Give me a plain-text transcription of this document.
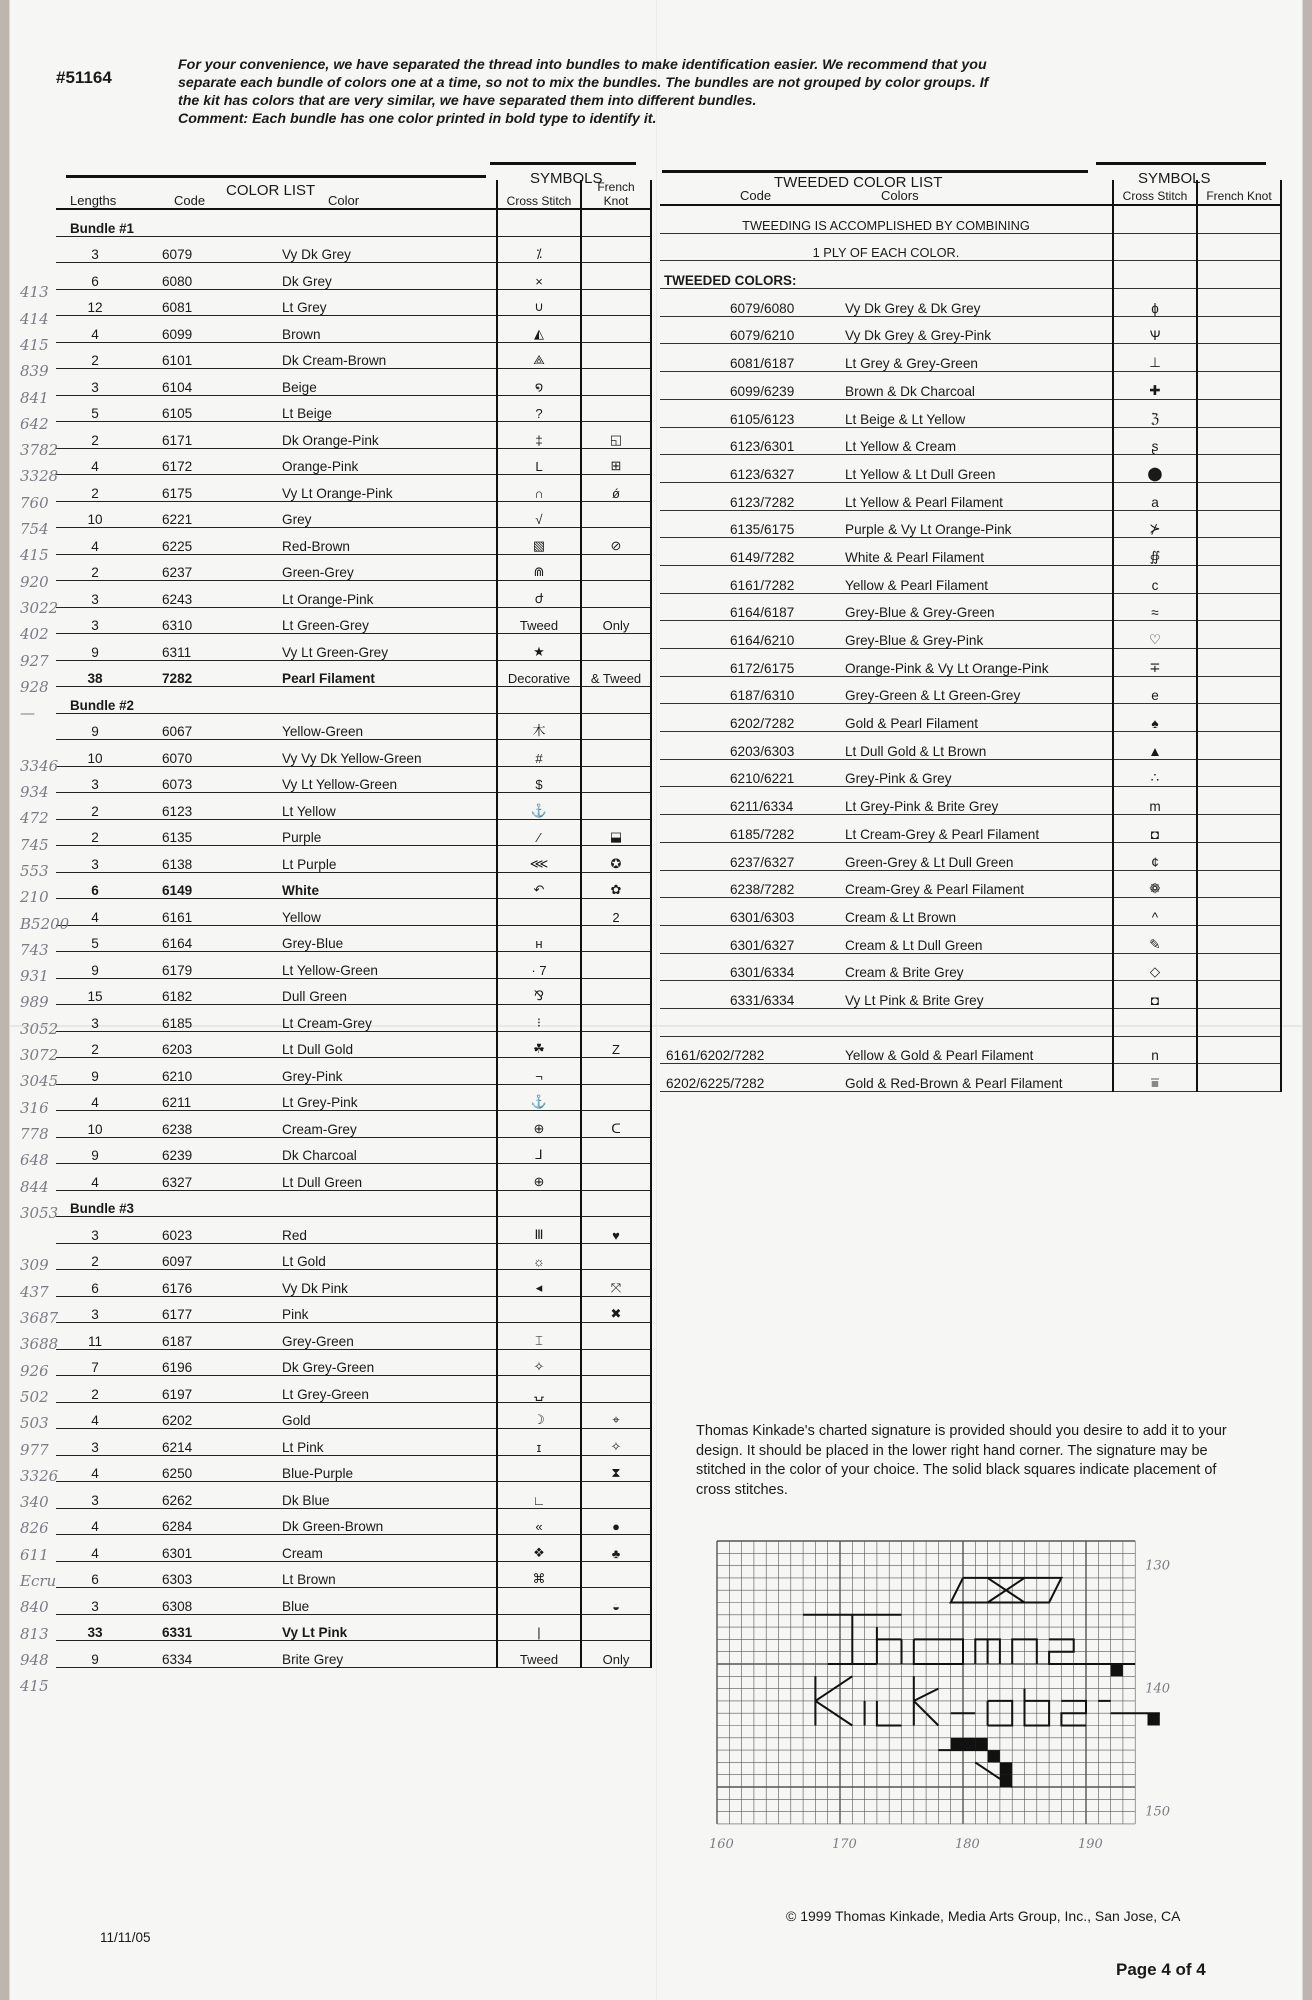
#51164
For your convenience, we have separated the thread into bundles to make identification easier. We recommend that you
separate each bundle of colors one at a time, so not to mix the bundles. The bundles are not grouped by color groups. If
the kit has colors that are very similar, we have separated them into different bundles.
Comment: Each bundle has one color printed in bold type to identify it.
COLOR LIST
SYMBOLS
Lengths	Code	Color	Cross Stitch	French Knot
Bundle #1				
3	6079	Vy Dk Grey	⁒	
6	6080	Dk Grey	×	
12	6081	Lt Grey	∪	
4	6099	Brown	◭	
2	6101	Dk Cream-Brown	⟁	
3	6104	Beige	໑	
5	6105	Lt Beige	?	
2	6171	Dk Orange-Pink	‡	◱
4	6172	Orange-Pink	L	⊞
2	6175	Vy Lt Orange-Pink	∩	ǿ
10	6221	Grey	√	
4	6225	Red-Brown	▧	⊘
2	6237	Green-Grey	⋒	
3	6243	Lt Orange-Pink	ժ	
3	6310	Lt Green-Grey	Tweed	Only
9	6311	Vy Lt Green-Grey	★	
38	7282	Pearl Filament	Decorative	& Tweed
Bundle #2				
9	6067	Yellow-Green	⽊	
10	6070	Vy Vy Dk Yellow-Green	#	
3	6073	Vy Lt Yellow-Green	$	
2	6123	Lt Yellow	⚓	
2	6135	Purple	⁄	⬓
3	6138	Lt Purple	⋘	✪
6	6149	White	↶	✿
4	6161	Yellow		2
5	6164	Grey-Blue	ʜ	
9	6179	Lt Yellow-Green	· 7	
15	6182	Dull Green	⅋	
3	6185	Lt Cream-Grey	⁝	
2	6203	Lt Dull Gold	☘	Z
9	6210	Grey-Pink	¬	
4	6211	Lt Grey-Pink	⚓	
10	6238	Cream-Grey	⊕	ᑕ
9	6239	Dk Charcoal	⅃	
4	6327	Lt Dull Green	⊕	
Bundle #3				
3	6023	Red	Ⅲ	♥
2	6097	Lt Gold	☼	
6	6176	Vy Dk Pink	◂	⤧
3	6177	Pink		✖
11	6187	Grey-Green	⌶	
7	6196	Dk Grey-Green	✧	
2	6197	Lt Grey-Green	⍽	
4	6202	Gold	☽	⌖
3	6214	Lt Pink	ɪ	✧
4	6250	Blue-Purple		⧗
3	6262	Dk Blue	∟	
4	6284	Dk Green-Brown	«	●
4	6301	Cream	❖	♣
6	6303	Lt Brown	⌘	
3	6308	Blue		◒
33	6331	Vy Lt Pink	|	
9	6334	Brite Grey	Tweed	Only
413
414
415
839
841
642
3782
3328
760
754
415
920
3022
402
927
928
—
3346
934
472
745
553
210
B5200
743
931
989
3052
3072
3045
316
778
648
844
3053
309
437
3687
3688
926
502
503
977
3326
340
826
611
Ecru
840
813
948
415
TWEEDED COLOR LIST	SYMBOLS
Code	Colors	Cross Stitch	French Knot
TWEEDING IS ACCOMPLISHED BY COMBINING			
1 PLY OF EACH COLOR.			
TWEEDED COLORS:			
6079/6080	Vy Dk Grey & Dk Grey	ɸ	
6079/6210	Vy Dk Grey & Grey-Pink	Ѱ	
6081/6187	Lt Grey & Grey-Green	⊥	
6099/6239	Brown & Dk Charcoal	✚	
6105/6123	Lt Beige & Lt Yellow	ℨ	
6123/6301	Lt Yellow & Cream	ʂ	
6123/6327	Lt Yellow & Lt Dull Green	⬤	
6123/7282	Lt Yellow & Pearl Filament	a	
6135/6175	Purple & Vy Lt Orange-Pink	⊁	
6149/7282	White & Pearl Filament	∯	
6161/7282	Yellow & Pearl Filament	c	
6164/6187	Grey-Blue & Grey-Green	≈	
6164/6210	Grey-Blue & Grey-Pink	♡	
6172/6175	Orange-Pink & Vy Lt Orange-Pink	∓	
6187/6310	Grey-Green & Lt Green-Grey	e	
6202/7282	Gold & Pearl Filament	♠	
6203/6303	Lt Dull Gold & Lt Brown	▲	
6210/6221	Grey-Pink & Grey	∴	
6211/6334	Lt Grey-Pink & Brite Grey	m	
6185/7282	Lt Cream-Grey & Pearl Filament	◘	
6237/6327	Green-Grey & Lt Dull Green	¢	
6238/7282	Cream-Grey & Pearl Filament	❁	
6301/6303	Cream & Lt Brown	^	
6301/6327	Cream & Lt Dull Green	✎	
6301/6334	Cream & Brite Grey	◇	
6331/6334	Vy Lt Pink & Brite Grey	◘	

6161/6202/7282	Yellow & Gold & Pearl Filament	n	
6202/6225/7282	Gold & Red-Brown & Pearl Filament	⩸	
Thomas Kinkade's charted signature is provided should you desire to add it to your design. It should be placed in the lower right hand corner. The signature may be stitched in the color of your choice. The solid black squares indicate placement of cross stitches.
160	170	180	190
130
140
150
© 1999 Thomas Kinkade, Media Arts Group, Inc., San Jose, CA
11/11/05
Page 4 of 4
